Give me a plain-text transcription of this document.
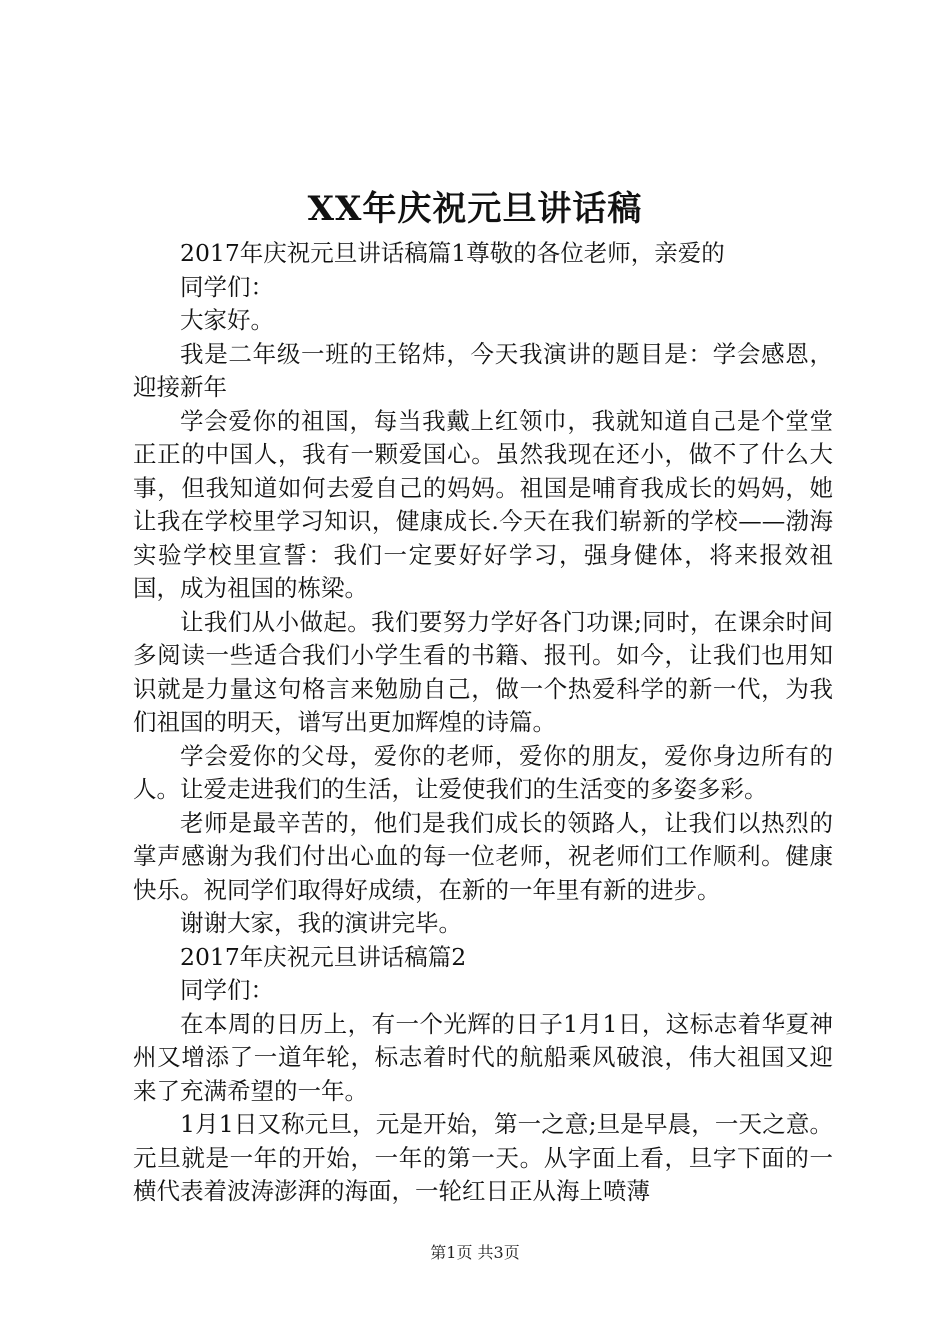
XX年庆祝元旦讲话稿

2017年庆祝元旦讲话稿篇1尊敬的各位老师，亲爱的

同学们：

大家好。

我是二年级一班的王铭炜，今天我演讲的题目是：学会感恩，迎接新年

学会爱你的祖国，每当我戴上红领巾，我就知道自己是个堂堂正正的中国人，我有一颗爱国心。虽然我现在还小，做不了什么大事，但我知道如何去爱自己的妈妈。祖国是哺育我成长的妈妈，她让我在学校里学习知识，健康成长.今天在我们崭新的学校——渤海实验学校里宣誓：我们一定要好好学习，强身健体，将来报效祖国，成为祖国的栋梁。

让我们从小做起。我们要努力学好各门功课;同时，在课余时间多阅读一些适合我们小学生看的书籍、报刊。如今，让我们也用知识就是力量这句格言来勉励自己，做一个热爱科学的新一代，为我们祖国的明天，谱写出更加辉煌的诗篇。

学会爱你的父母，爱你的老师，爱你的朋友，爱你身边所有的人。让爱走进我们的生活，让爱使我们的生活变的多姿多彩。

老师是最辛苦的，他们是我们成长的领路人，让我们以热烈的掌声感谢为我们付出心血的每一位老师，祝老师们工作顺利。健康快乐。祝同学们取得好成绩，在新的一年里有新的进步。

谢谢大家，我的演讲完毕。

2017年庆祝元旦讲话稿篇2

同学们：

在本周的日历上，有一个光辉的日子1月1日，这标志着华夏神州又增添了一道年轮，标志着时代的航船乘风破浪，伟大祖国又迎来了充满希望的一年。

1月1日又称元旦，元是开始，第一之意;旦是早晨，一天之意。元旦就是一年的开始，一年的第一天。从字面上看，旦字下面的一横代表着波涛澎湃的海面，一轮红日正从海上喷薄

第1页 共3页
